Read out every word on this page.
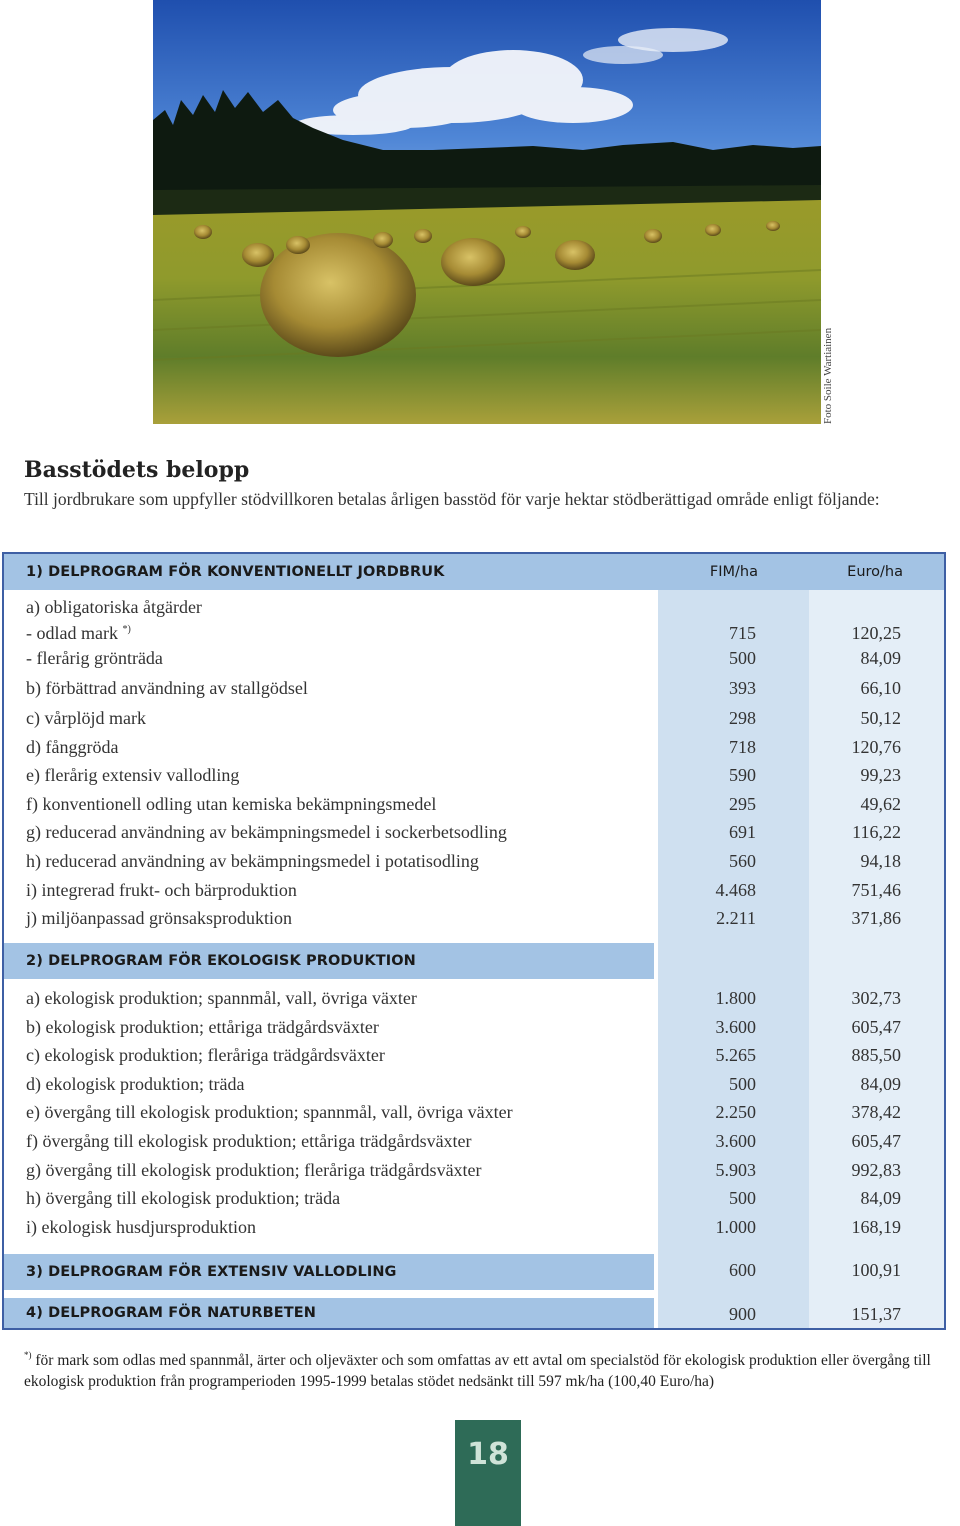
Foto Soile Wartiainen
Basstödets belopp

Till jordbrukare som uppfyller stödvillkoren betalas årligen basstöd för varje hektar stödberättigad område enligt följande:

1) DELPROGRAM FÖR KONVENTIONELLT JORDBRUK	FIM/ha	Euro/ha
a) obligatoriska åtgärder
- odlad mark *)	715	120,25
- flerårig grönträda	500	84,09
b) förbättrad användning av stallgödsel	393	66,10
c) vårplöjd mark	298	50,12
d) fånggröda	718	120,76
e) flerårig extensiv vallodling	590	99,23
f) konventionell odling utan kemiska bekämpningsmedel	295	49,62
g) reducerad användning av bekämpningsmedel i sockerbetsodling	691	116,22
h) reducerad användning av bekämpningsmedel i potatisodling	560	94,18
i) integrerad frukt- och bärproduktion	4.468	751,46
j) miljöanpassad grönsaksproduktion	2.211	371,86
2) DELPROGRAM FÖR EKOLOGISK PRODUKTION
a) ekologisk produktion; spannmål, vall, övriga växter	1.800	302,73
b) ekologisk produktion; ettåriga trädgårdsväxter	3.600	605,47
c) ekologisk produktion; fleråriga trädgårdsväxter	5.265	885,50
d) ekologisk produktion; träda	500	84,09
e) övergång till ekologisk produktion; spannmål, vall, övriga växter	2.250	378,42
f) övergång till ekologisk produktion; ettåriga trädgårdsväxter	3.600	605,47
g) övergång till ekologisk produktion; fleråriga trädgårdsväxter	5.903	992,83
h) övergång till ekologisk produktion; träda	500	84,09
i) ekologisk husdjursproduktion	1.000	168,19
3) DELPROGRAM FÖR EXTENSIV VALLODLING	600	100,91
4) DELPROGRAM FÖR NATURBETEN	900	151,37

*) för mark som odlas med spannmål, ärter och oljeväxter och som omfattas av ett avtal om specialstöd för ekologisk produktion eller övergång till ekologisk produktion från programperioden 1995-1999 betalas stödet nedsänkt till 597 mk/ha (100,40 Euro/ha)

18
